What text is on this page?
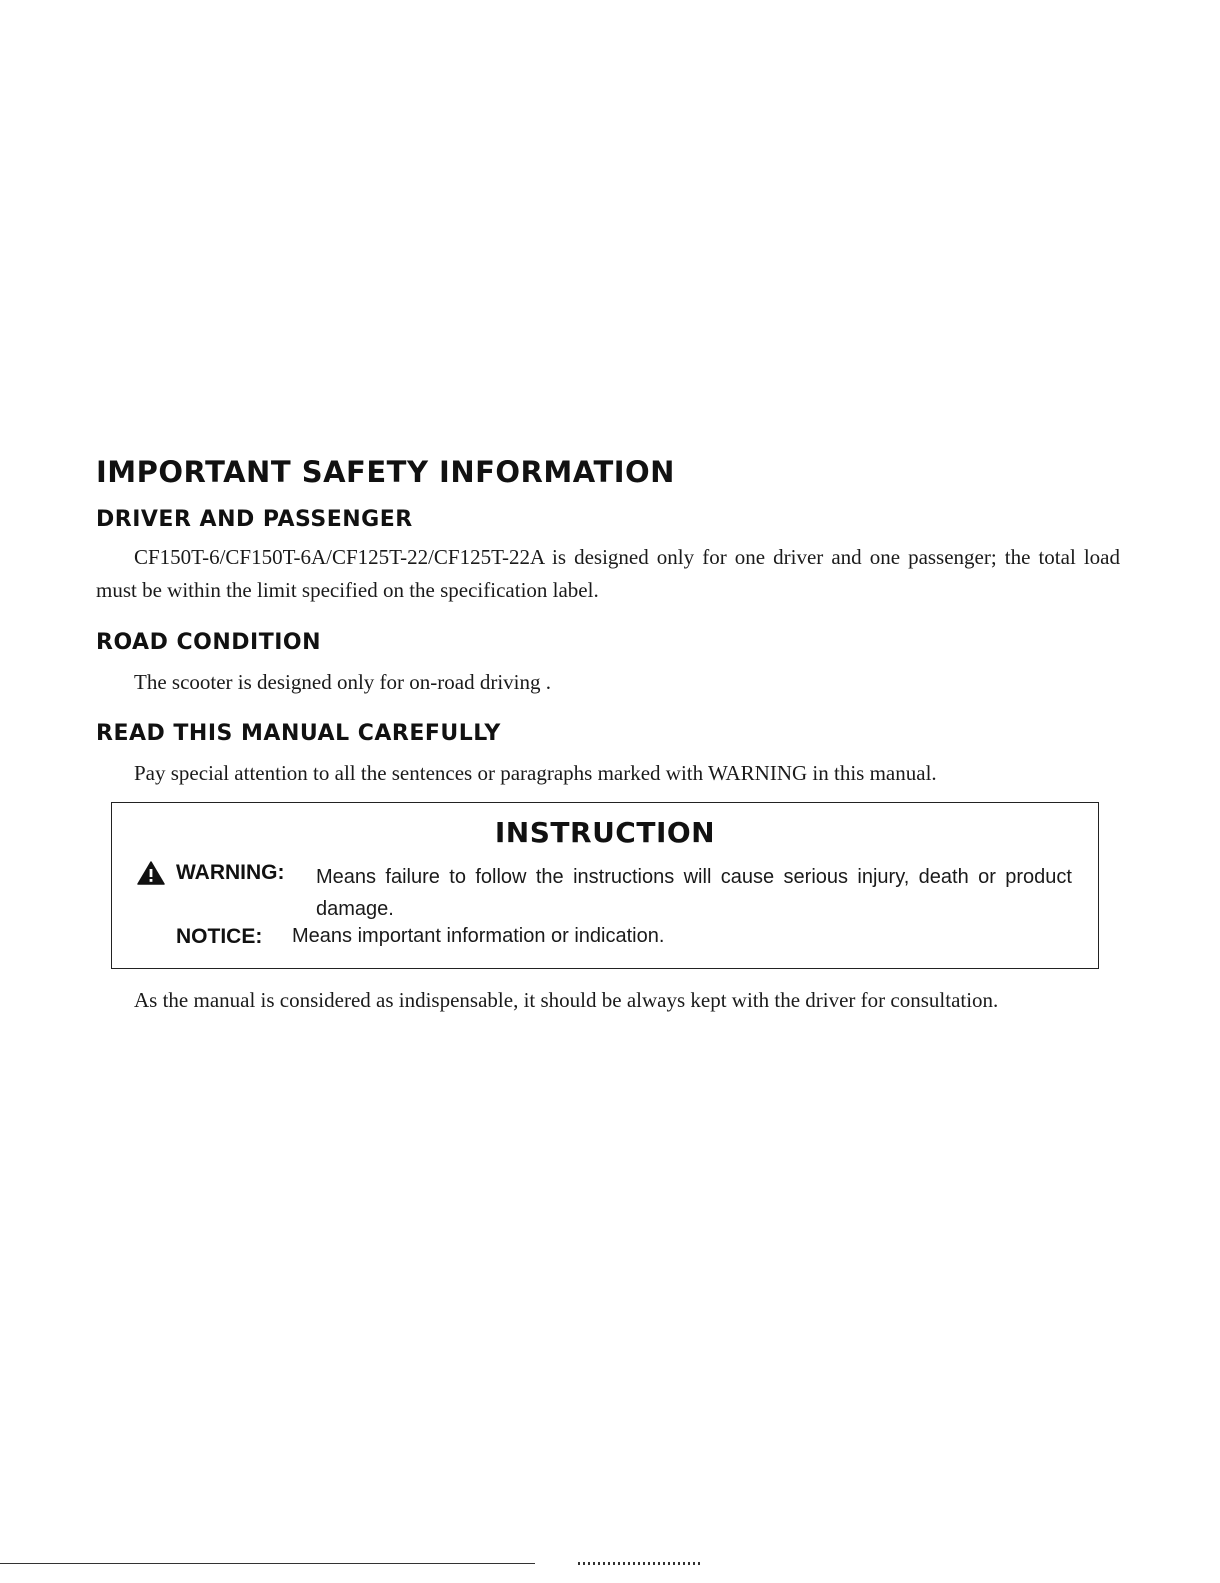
IMPORTANT SAFETY INFORMATION
DRIVER AND PASSENGER

CF150T-6/CF150T-6A/CF125T-22/CF125T-22A is designed only for one driver and one passenger; the total load must be within the limit specified on the specification label.

ROAD CONDITION

The scooter is designed only for on-road driving .

READ THIS MANUAL CAREFULLY

Pay special attention to all the sentences or paragraphs marked with WARNING in this manual.

INSTRUCTION
WARNING: Means failure to follow the instructions will cause serious injury, death or product damage.
NOTICE: Means important information or indication.

As the manual is considered as indispensable, it should be always kept with the driver for consultation.
